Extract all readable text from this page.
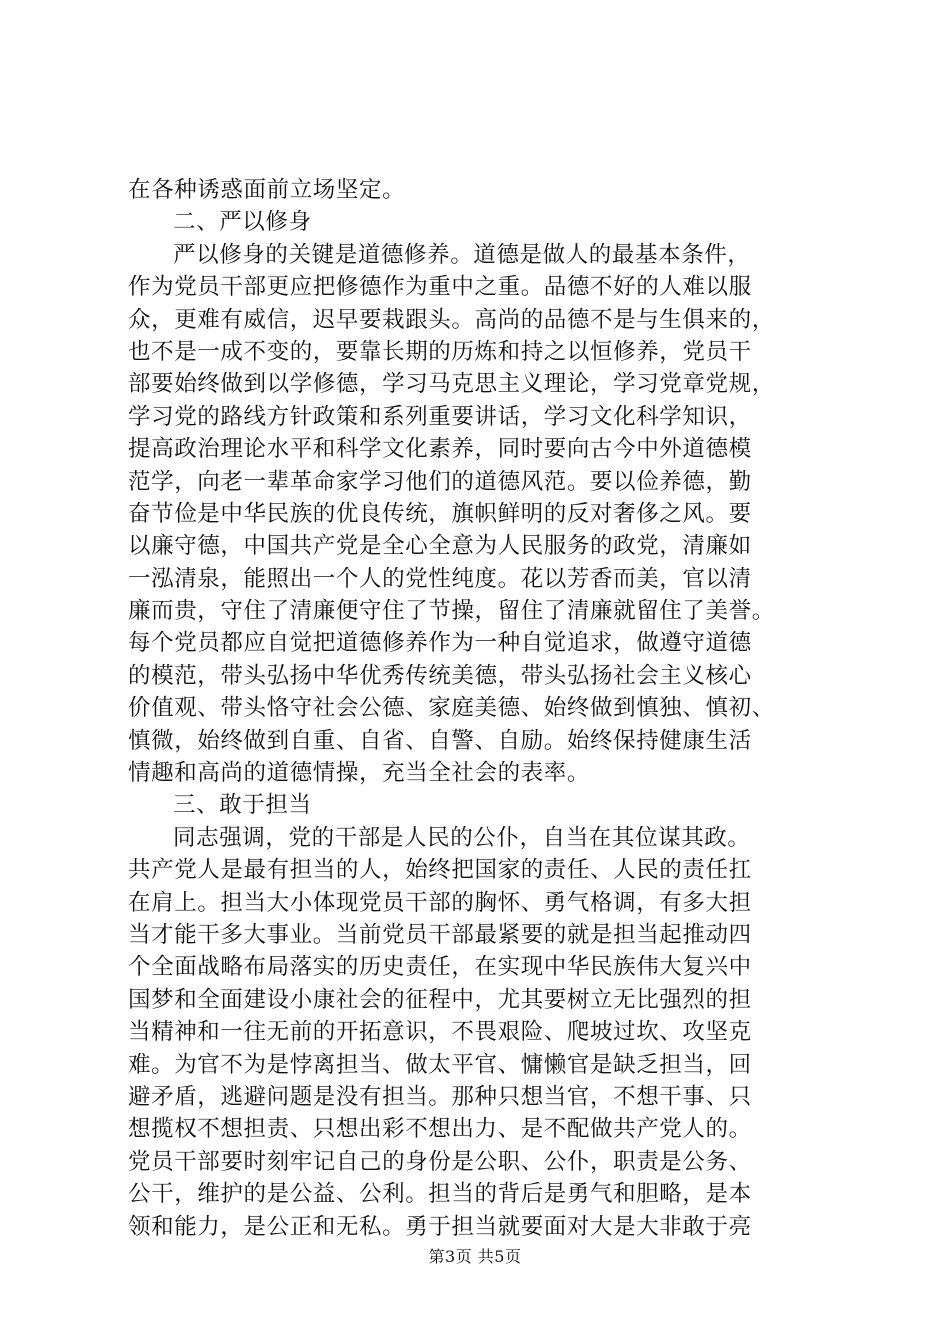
在各种诱惑面前立场坚定。
二、严以修身
严以修身的关键是道德修养。道德是做人的最基本条件，
作为党员干部更应把修德作为重中之重。品德不好的人难以服
众，更难有威信，迟早要栽跟头。高尚的品德不是与生俱来的，
也不是一成不变的，要靠长期的历炼和持之以恒修养，党员干
部要始终做到以学修德，学习马克思主义理论，学习党章党规，
学习党的路线方针政策和系列重要讲话，学习文化科学知识，
提高政治理论水平和科学文化素养，同时要向古今中外道德模
范学，向老一辈革命家学习他们的道德风范。要以俭养德，勤
奋节俭是中华民族的优良传统，旗帜鲜明的反对奢侈之风。要
以廉守德，中国共产党是全心全意为人民服务的政党，清廉如
一泓清泉，能照出一个人的党性纯度。花以芳香而美，官以清
廉而贵，守住了清廉便守住了节操，留住了清廉就留住了美誉。
每个党员都应自觉把道德修养作为一种自觉追求，做遵守道德
的模范，带头弘扬中华优秀传统美德，带头弘扬社会主义核心
价值观、带头恪守社会公德、家庭美德、始终做到慎独、慎初、
慎微，始终做到自重、自省、自警、自励。始终保持健康生活
情趣和高尚的道德情操，充当全社会的表率。
三、敢于担当
同志强调，党的干部是人民的公仆，自当在其位谋其政。
共产党人是最有担当的人，始终把国家的责任、人民的责任扛
在肩上。担当大小体现党员干部的胸怀、勇气格调，有多大担
当才能干多大事业。当前党员干部最紧要的就是担当起推动四
个全面战略布局落实的历史责任，在实现中华民族伟大复兴中
国梦和全面建设小康社会的征程中，尤其要树立无比强烈的担
当精神和一往无前的开拓意识，不畏艰险、爬坡过坎、攻坚克
难。为官不为是悖离担当、做太平官、慵懒官是缺乏担当，回
避矛盾，逃避问题是没有担当。那种只想当官，不想干事、只
想揽权不想担责、只想出彩不想出力、是不配做共产党人的。
党员干部要时刻牢记自己的身份是公职、公仆，职责是公务、
公干，维护的是公益、公利。担当的背后是勇气和胆略，是本
领和能力，是公正和无私。勇于担当就要面对大是大非敢于亮
第3页 共5页
